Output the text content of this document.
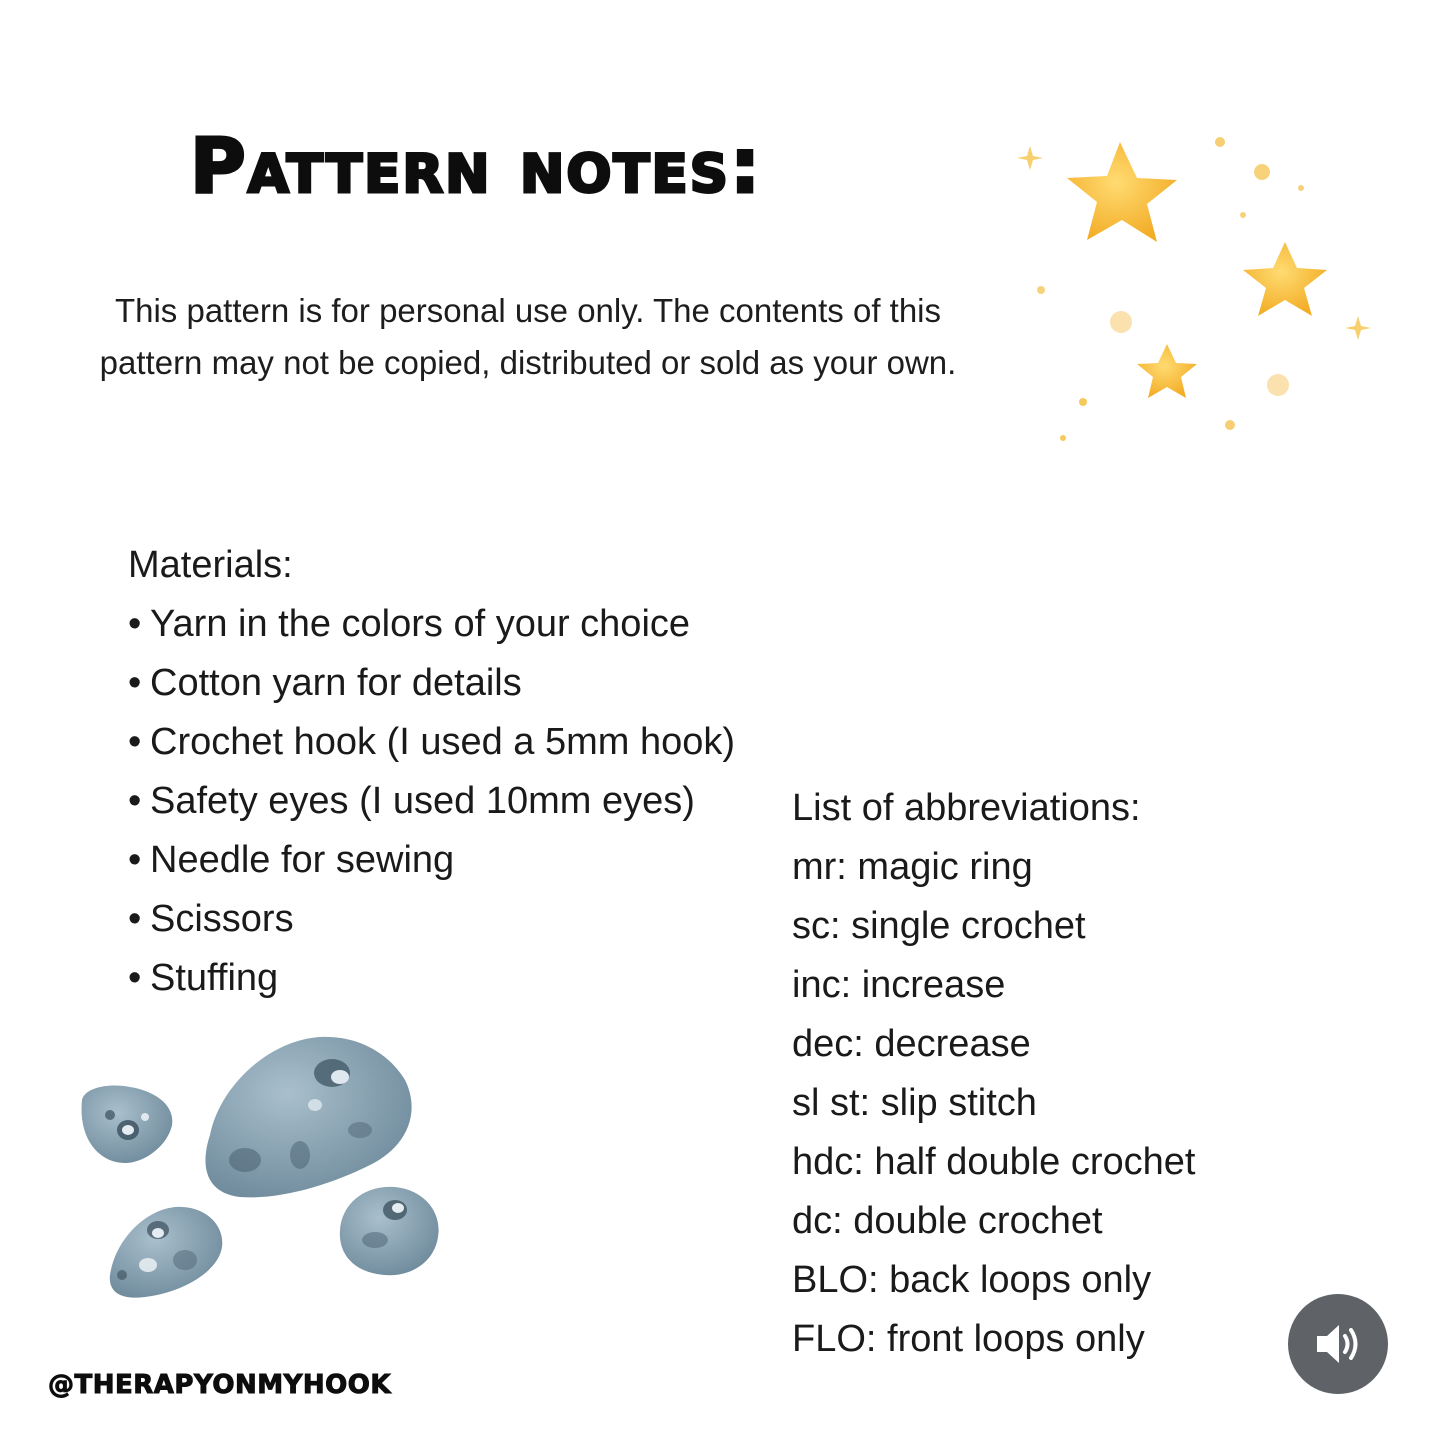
Pattern notes:
This pattern is for personal use only. The contents of this pattern may not be copied, distributed or sold as your own.
Materials:
• Yarn in the colors of your choice
• Cotton yarn for details
• Crochet hook (I used a 5mm hook)
• Safety eyes (I used 10mm eyes)
• Needle for sewing
• Scissors
• Stuffing
List of abbreviations:
mr: magic ring
sc: single crochet
inc: increase
dec: decrease
sl st: slip stitch
hdc: half double crochet
dc: double crochet
BLO: back loops only
FLO: front loops only
@THERAPYONMYHOOK
